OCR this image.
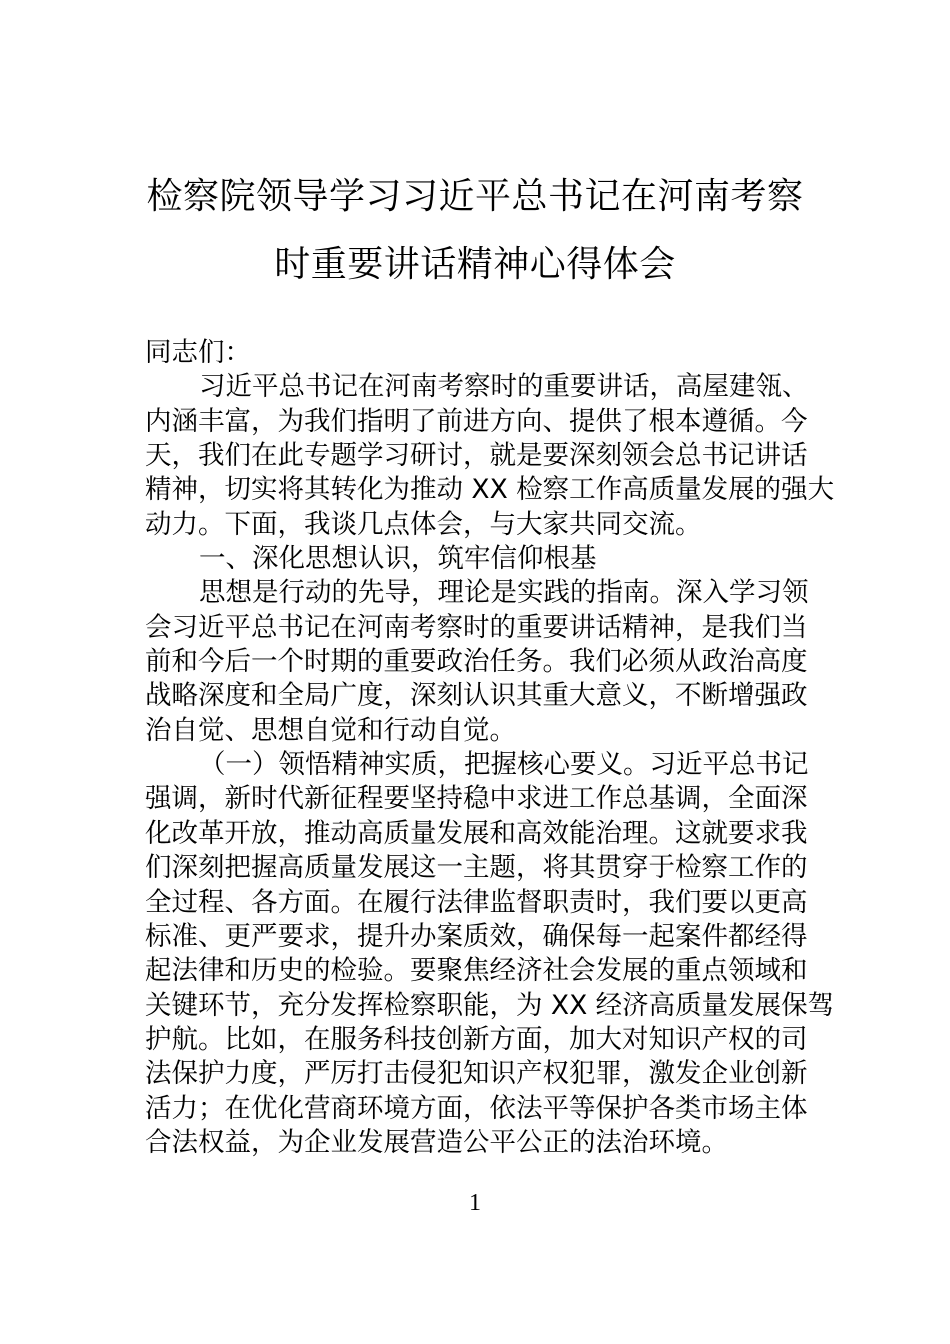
检察院领导学习习近平总书记在河南考察
时重要讲话精神心得体会
同志们：
习近平总书记在河南考察时的重要讲话，高屋建瓴、
内涵丰富，为我们指明了前进方向、提供了根本遵循。今
天，我们在此专题学习研讨，就是要深刻领会总书记讲话
精神，切实将其转化为推动 XX 检察工作高质量发展的强大
动力。下面，我谈几点体会，与大家共同交流。
一、深化思想认识，筑牢信仰根基
思想是行动的先导，理论是实践的指南。深入学习领
会习近平总书记在河南考察时的重要讲话精神，是我们当
前和今后一个时期的重要政治任务。我们必须从政治高度
战略深度和全局广度，深刻认识其重大意义，不断增强政
治自觉、思想自觉和行动自觉。
（一）领悟精神实质，把握核心要义。习近平总书记
强调，新时代新征程要坚持稳中求进工作总基调，全面深
化改革开放，推动高质量发展和高效能治理。这就要求我
们深刻把握高质量发展这一主题，将其贯穿于检察工作的
全过程、各方面。在履行法律监督职责时，我们要以更高
标准、更严要求，提升办案质效，确保每一起案件都经得
起法律和历史的检验。要聚焦经济社会发展的重点领域和
关键环节，充分发挥检察职能，为 XX 经济高质量发展保驾
护航。比如，在服务科技创新方面，加大对知识产权的司
法保护力度，严厉打击侵犯知识产权犯罪，激发企业创新
活力；在优化营商环境方面，依法平等保护各类市场主体
合法权益，为企业发展营造公平公正的法治环境。
1
